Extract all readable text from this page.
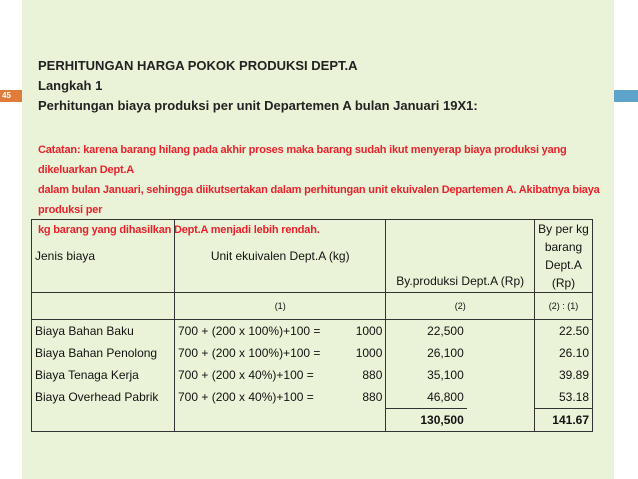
45
PERHITUNGAN HARGA POKOK PRODUKSI DEPT.A
Langkah 1
Perhitungan biaya produksi per unit Departemen A bulan Januari 19X1:
Catatan: karena barang hilang pada akhir proses maka barang sudah ikut menyerap biaya produksi yang dikeluarkan Dept.A
dalam bulan Januari, sehingga diikutsertakan dalam perhitungan unit ekuivalen Departemen A. Akibatnya biaya produksi per
kg barang yang dihasilkan Dept.A menjadi lebih rendah.
Jenis biaya	Unit ekuivalen Dept.A (kg)		By.produksi Dept.A (Rp)		By per kg
barang Dept.A
(Rp)

	(1)		(2)		(2) : (1)
Biaya Bahan Baku	700 + (200 x 100%)+100 =	1000	22,500		22.50
Biaya Bahan Penolong	700 + (200 x 100%)+100 =	1000	26,100		26.10
Biaya Tenaga Kerja	700 + (200 x 40%)+100 =	880	35,100		39.89
Biaya Overhead Pabrik	700 + (200 x 40%)+100 =	880	46,800		53.18
			130,500		141.67
